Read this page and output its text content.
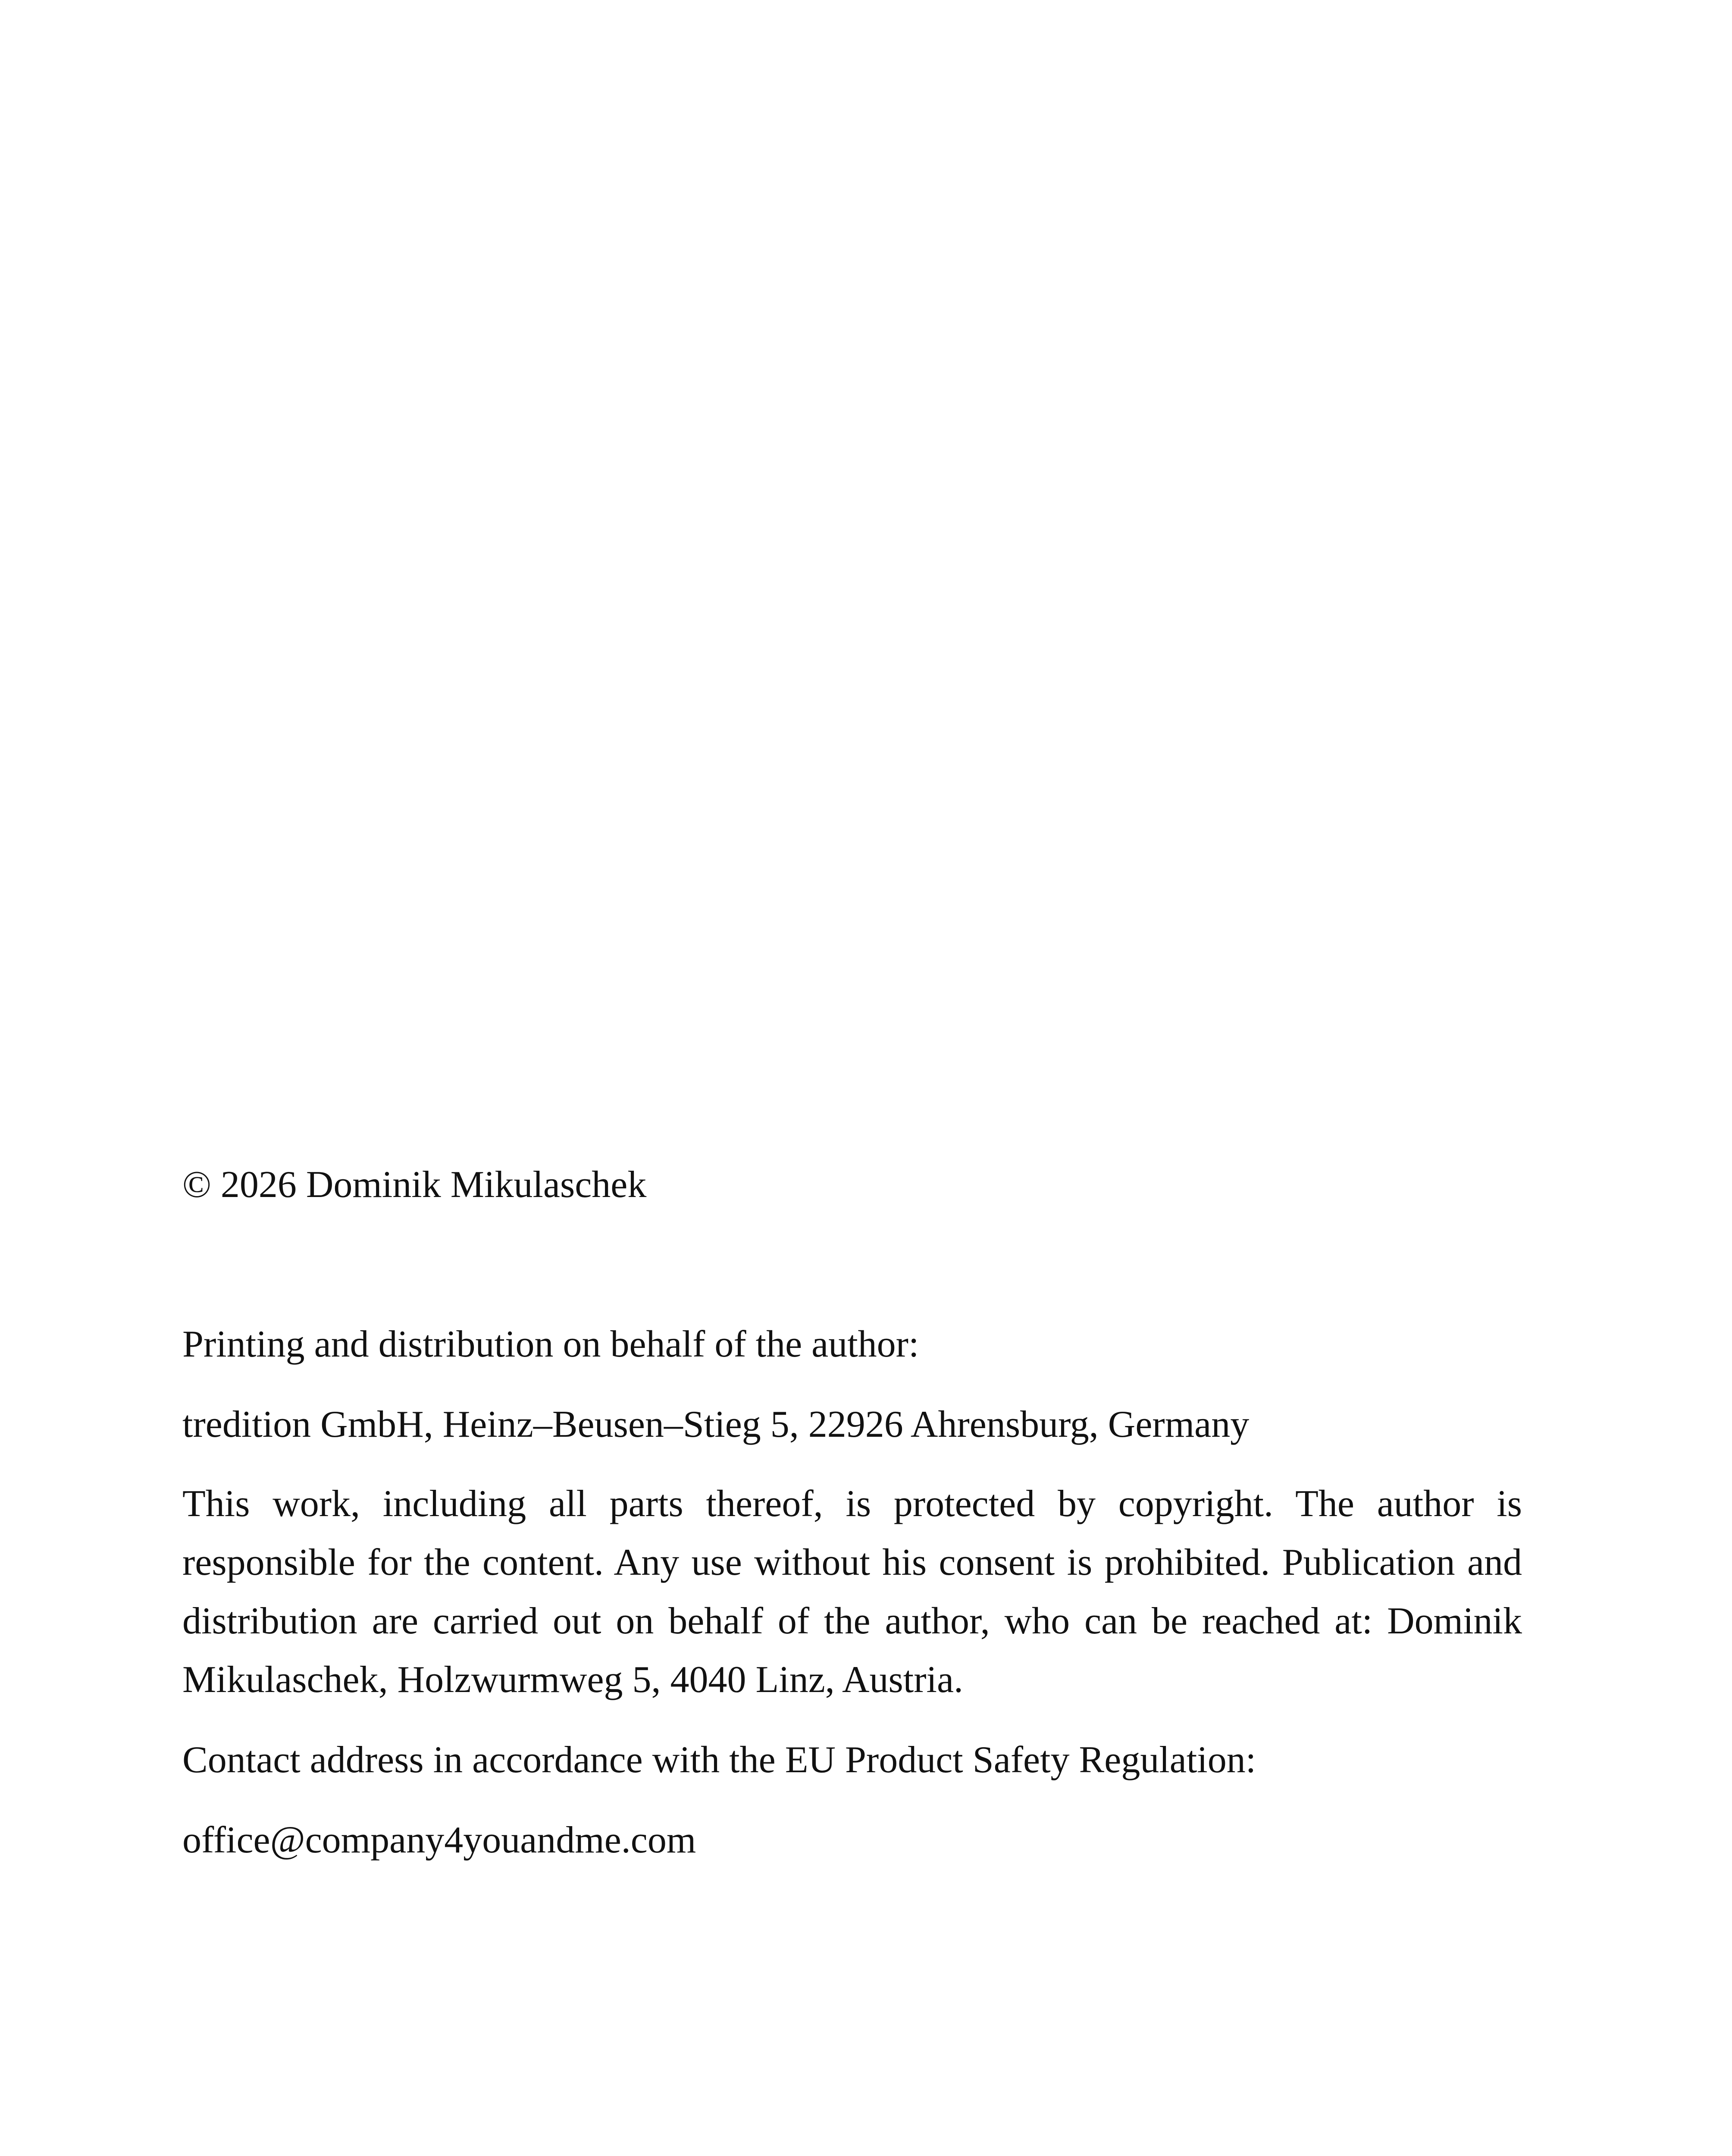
© 2026 Dominik Mikulaschek

Printing and distribution on behalf of the author:

tredition GmbH, Heinz–Beusen–Stieg 5, 22926 Ahrensburg, Germany

This work, including all parts thereof, is protected by copyright. The author is responsible for the content. Any use without his consent is prohibited. Publication and distribution are carried out on behalf of the author, who can be reached at: Dominik Mikulaschek, Holzwurmweg 5, 4040 Linz, Austria.

Contact address in accordance with the EU Product Safety Regulation:

office@company4youandme.com
